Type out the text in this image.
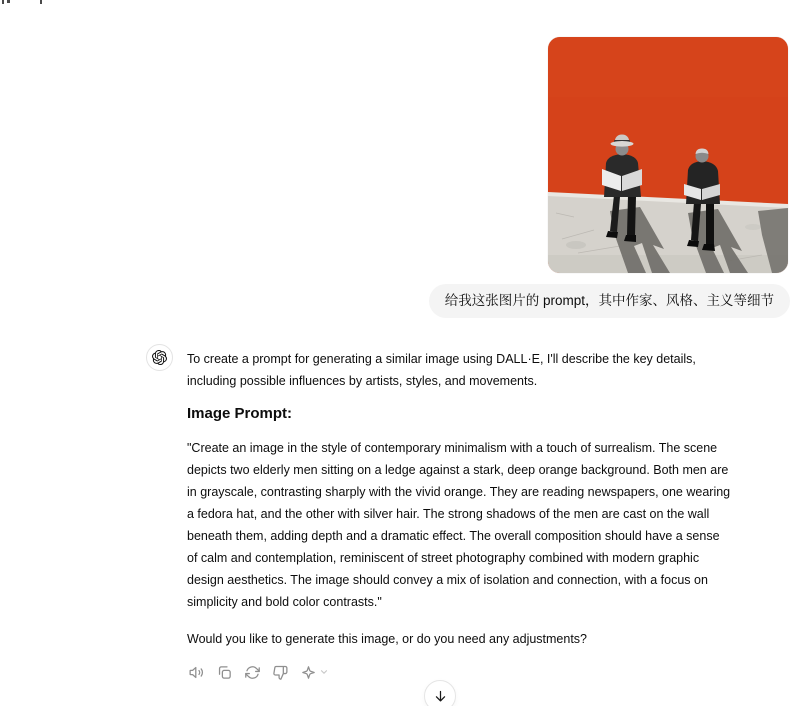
给我这张图片的 prompt，其中作家、风格、主义等细节
To create a prompt for generating a similar image using DALL·E, I'll describe the key details,
including possible influences by artists, styles, and movements.
Image Prompt:
"Create an image in the style of contemporary minimalism with a touch of surrealism. The scene
depicts two elderly men sitting on a ledge against a stark, deep orange background. Both men are
in grayscale, contrasting sharply with the vivid orange. They are reading newspapers, one wearing
a fedora hat, and the other with silver hair. The strong shadows of the men are cast on the wall
beneath them, adding depth and a dramatic effect. The overall composition should have a sense
of calm and contemplation, reminiscent of street photography combined with modern graphic
design aesthetics. The image should convey a mix of isolation and connection, with a focus on
simplicity and bold color contrasts."
Would you like to generate this image, or do you need any adjustments?
